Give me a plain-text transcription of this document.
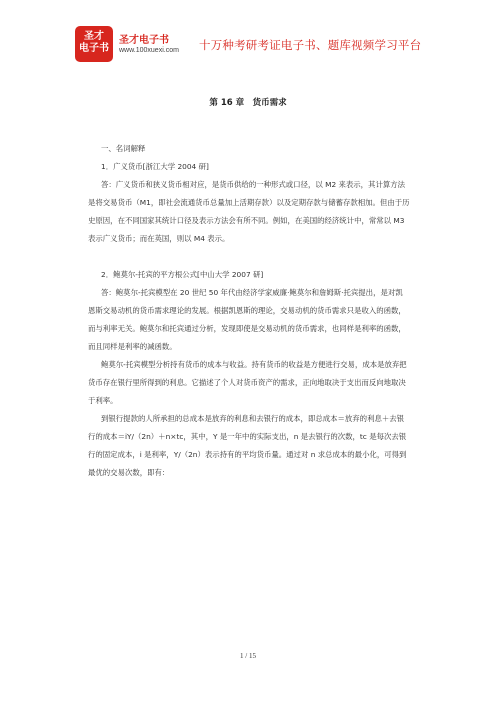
圣才
电子书
圣才电子书
www.100xuexi.com 十万种考研考证电子书、题库视频学习平台
第 16 章　货币需求

一、名词解释

1．广义货币[浙江大学 2004 研]

答：广义货币和狭义货币相对应，是货币供给的一种形式或口径，以 M2 来表示，其计算方法是将交易货币（M1，即社会流通货币总量加上活期存款）以及定期存款与储蓄存款相加。但由于历史原因，在不同国家其统计口径及表示方法会有所不同。例如，在美国的经济统计中，常常以 M3 表示广义货币；而在英国，则以 M4 表示。

2．鲍莫尔-托宾的平方根公式[中山大学 2007 研]

答：鲍莫尔-托宾模型在 20 世纪 50 年代由经济学家威廉·鲍莫尔和詹姆斯·托宾提出，是对凯恩斯交易动机的货币需求理论的发展。根据凯恩斯的理论，交易动机的货币需求只是收入的函数，而与利率无关。鲍莫尔和托宾通过分析，发现即使是交易动机的货币需求，也同样是利率的函数，而且同样是利率的减函数。

鲍莫尔-托宾模型分析持有货币的成本与收益。持有货币的收益是方便进行交易，成本是放弃把货币存在银行里所得到的利息。它描述了个人对货币资产的需求，正向地取决于支出而反向地取决于利率。

到银行提款的人所承担的总成本是放弃的利息和去银行的成本，即总成本＝放弃的利息＋去银行的成本＝iY/（2n）＋n×tc，其中，Y 是一年中的实际支出，n 是去银行的次数，tc 是每次去银行的固定成本，i 是利率，Y/（2n）表示持有的平均货币量。通过对 n 求总成本的最小化，可得到最优的交易次数，即有：

1 / 15
